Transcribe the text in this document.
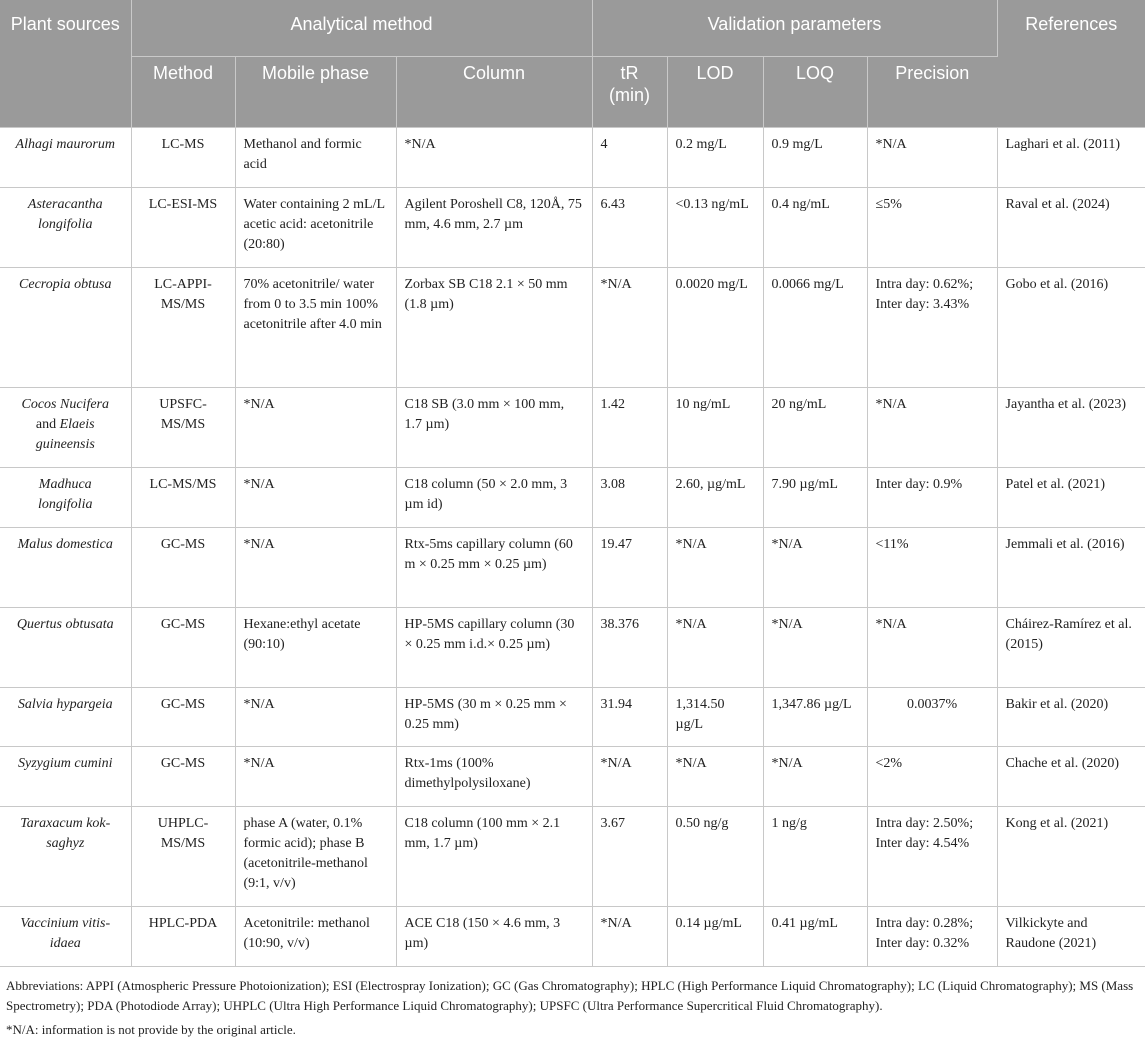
Plant sources	Analytical method			Validation parameters				References
	Method	Mobile phase	Column	tR (min)	LOD	LOQ	Precision	
Alhagi maurorum	LC-MS	Methanol and formic acid	*N/A	4	0.2 mg/L	0.9 mg/L	*N/A	Laghari et al. (2011)
Asteracantha longifolia	LC-ESI-MS	Water containing 2 mL/L acetic acid: acetonitrile (20:80)	Agilent Poroshell C8, 120Å, 75 mm, 4.6 mm, 2.7 µm	6.43	<0.13 ng/mL	0.4 ng/mL	≤5%	Raval et al. (2024)
Cecropia obtusa	LC-APPI-MS/MS	70% acetonitrile/ water from 0 to 3.5 min 100% acetonitrile after 4.0 min	Zorbax SB C18 2.1 × 50 mm (1.8 µm)	*N/A	0.0020 mg/L	0.0066 mg/L	Intra day: 0.62%; Inter day: 3.43%	Gobo et al. (2016)
Cocos Nucifera and Elaeis guineensis	UPSFC-MS/MS	*N/A	C18 SB (3.0 mm × 100 mm, 1.7 µm)	1.42	10 ng/mL	20 ng/mL	*N/A	Jayantha et al. (2023)
Madhuca longifolia	LC-MS/MS	*N/A	C18 column (50 × 2.0 mm, 3 µm id)	3.08	2.60, µg/mL	7.90 µg/mL	Inter day: 0.9%	Patel et al. (2021)
Malus domestica	GC-MS	*N/A	Rtx-5ms capillary column (60 m × 0.25 mm × 0.25 µm)	19.47	*N/A	*N/A	<11%	Jemmali et al. (2016)
Quertus obtusata	GC-MS	Hexane:ethyl acetate (90:10)	HP-5MS capillary column (30 × 0.25 mm i.d.× 0.25 µm)	38.376	*N/A	*N/A	*N/A	Cháirez-Ramírez et al. (2015)
Salvia hypargeia	GC-MS	*N/A	HP-5MS (30 m × 0.25 mm × 0.25 mm)	31.94	1,314.50 µg/L	1,347.86 µg/L	0.0037%	Bakir et al. (2020)
Syzygium cumini	GC-MS	*N/A	Rtx-1ms (100% dimethylpolysiloxane)	*N/A	*N/A	*N/A	<2%	Chache et al. (2020)
Taraxacum kok-saghyz	UHPLC-MS/MS	phase A (water, 0.1% formic acid); phase B (acetonitrile-methanol (9:1, v/v)	C18 column (100 mm × 2.1 mm, 1.7 µm)	3.67	0.50 ng/g	1 ng/g	Intra day: 2.50%; Inter day: 4.54%	Kong et al. (2021)
Vaccinium vitis-idaea	HPLC-PDA	Acetonitrile: methanol (10:90, v/v)	ACE C18 (150 × 4.6 mm, 3 µm)	*N/A	0.14 µg/mL	0.41 µg/mL	Intra day: 0.28%; Inter day: 0.32%	Vilkickyte and Raudone (2021)

Abbreviations: APPI (Atmospheric Pressure Photoionization); ESI (Electrospray Ionization); GC (Gas Chromatography); HPLC (High Performance Liquid Chromatography); LC (Liquid Chromatography); MS (Mass Spectrometry); PDA (Photodiode Array); UHPLC (Ultra High Performance Liquid Chromatography); UPSFC (Ultra Performance Supercritical Fluid Chromatography).

*N/A: information is not provide by the original article.
